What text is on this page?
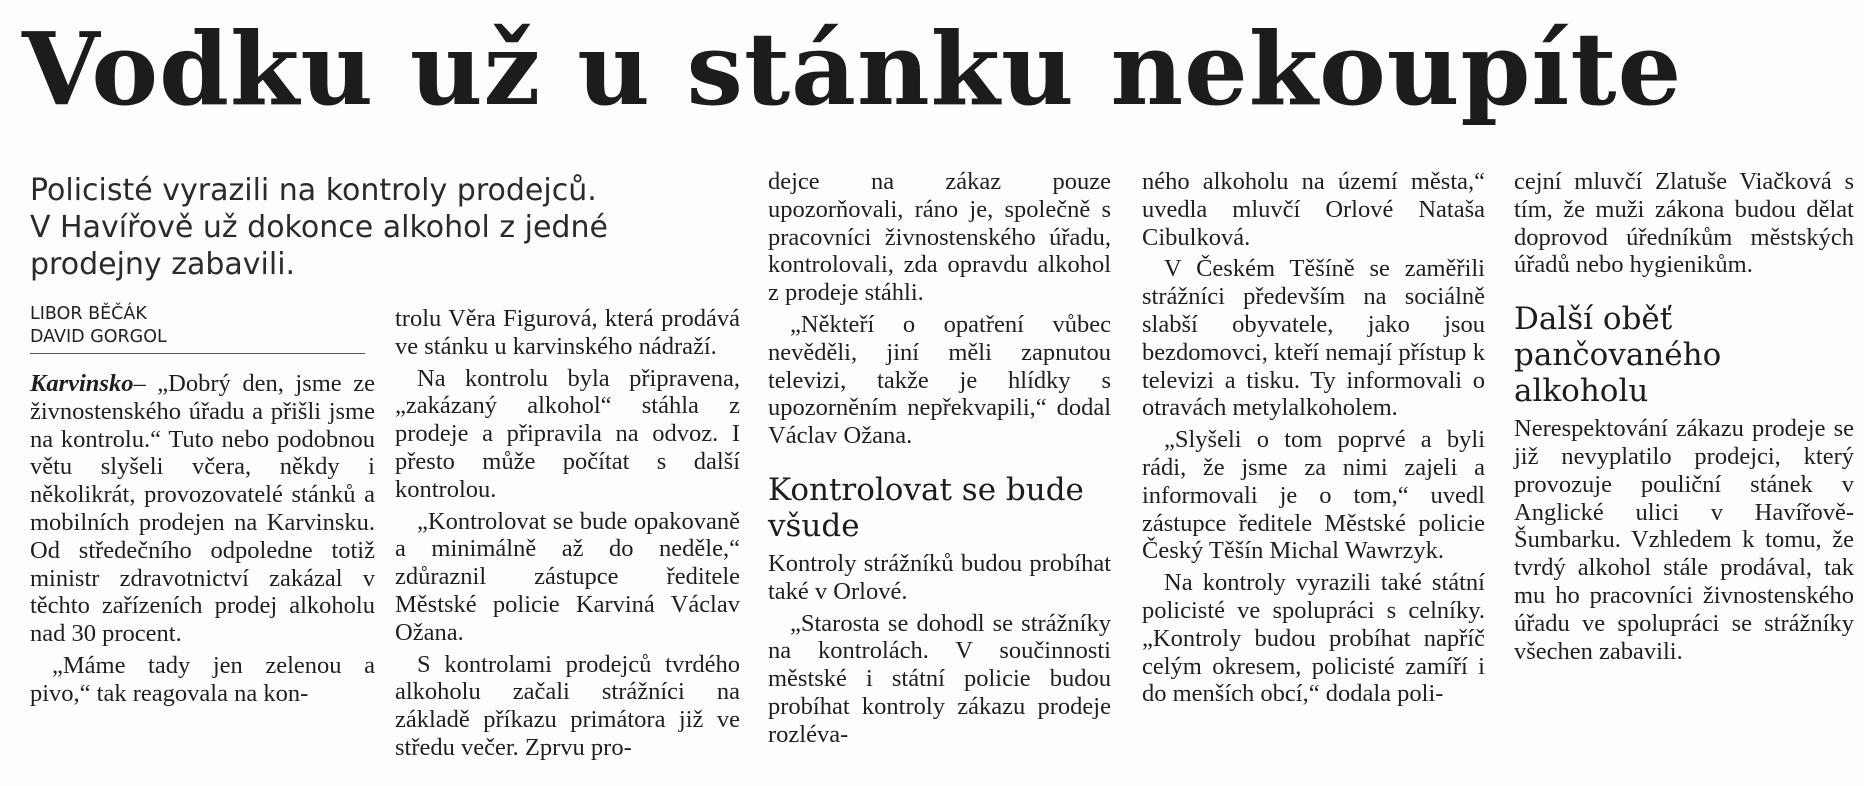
Vodku už u stánku nekoupíte
Policisté vyrazili na kontroly prodejců.
V Havířově už dokonce alkohol z jedné
prodejny zabavili.
LIBOR BĚČÁK
DAVID GORGOL

Karvinsko– „Dobrý den, jsme ze živnostenského úřadu a přišli jsme na kontrolu.“ Tuto nebo podobnou větu slyšeli včera, někdy i několikrát, provozovatelé stánků a mobilních prodejen na Karvinsku. Od středečního odpoledne totiž ministr zdravotnictví zakázal v těchto zařízeních prodej alkoholu nad 30 procent.

„Máme tady jen zelenou a pivo,“ tak reagovala na kon-

trolu Věra Figurová, která prodává ve stánku u karvinského nádraží.

Na kontrolu byla připravena, „zakázaný alkohol“ stáhla z prodeje a připravila na odvoz. I přesto může počítat s další kontrolou.

„Kontrolovat se bude opakovaně a minimálně až do neděle,“ zdůraznil zástupce ředitele Městské policie Karviná Václav Ožana.

S kontrolami prodejců tvrdého alkoholu začali strážníci na základě příkazu primátora již ve středu večer. Zprvu pro-

dejce na zákaz pouze upozorňovali, ráno je, společně s pracovníci živnostenského úřadu, kontrolovali, zda opravdu alkohol z prodeje stáhli.

„Někteří o opatření vůbec nevěděli, jiní měli zapnutou televizi, takže je hlídky s upozorněním nepřekvapili,“ dodal Václav Ožana.

Kontrolovat se bude všude

Kontroly strážníků budou probíhat také v Orlové.

„Starosta se dohodl se strážníky na kontrolách. V součinnosti městské i státní policie budou probíhat kontroly zákazu prodeje rozléva-

ného alkoholu na území města,“ uvedla mluvčí Orlové Nataša Cibulková.

V Českém Těšíně se zaměřili strážníci především na sociálně slabší obyvatele, jako jsou bezdomovci, kteří nemají přístup k televizi a tisku. Ty informovali o otravách metylalkoholem.

„Slyšeli o tom poprvé a byli rádi, že jsme za nimi zajeli a informovali je o tom,“ uvedl zástupce ředitele Městské policie Český Těšín Michal Wawrzyk.

Na kontroly vyrazili také státní policisté ve spolupráci s celníky. „Kontroly budou probíhat napříč celým okresem, policisté zamíří i do menších obcí,“ dodala poli-

cejní mluvčí Zlatuše Viačková s tím, že muži zákona budou dělat doprovod úředníkům městských úřadů nebo hygienikům.

Další oběť pančovaného alkoholu

Nerespektování zákazu prodeje se již nevyplatilo prodejci, který provozuje pouliční stánek v Anglické ulici v Havířově-Šumbarku. Vzhledem k tomu, že tvrdý alkohol stále prodával, tak mu ho pracovníci živnostenského úřadu ve spolupráci se strážníky všechen zabavili.
